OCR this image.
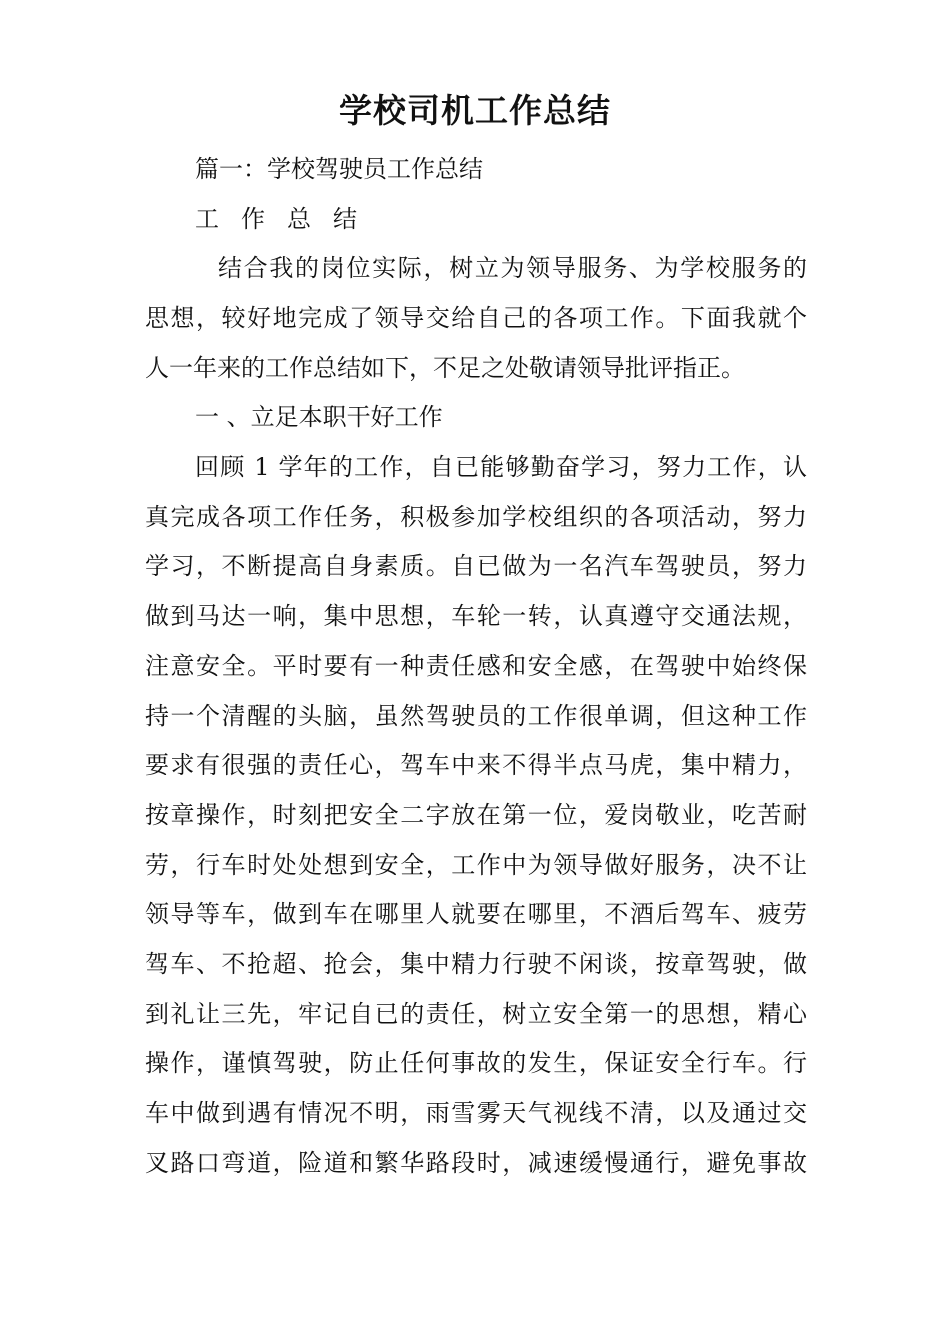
学校司机工作总结

篇一：学校驾驶员工作总结

工作总结

结合我的岗位实际，树立为领导服务、为学校服务的

思想，较好地完成了领导交给自己的各项工作。下面我就个

人一年来的工作总结如下，不足之处敬请领导批评指正。

一 、立足本职干好工作

回顾 1 学年的工作，自已能够勤奋学习，努力工作，认

真完成各项工作任务，积极参加学校组织的各项活动，努力

学习，不断提高自身素质。自已做为一名汽车驾驶员，努力

做到马达一响，集中思想，车轮一转，认真遵守交通法规，

注意安全。平时要有一种责任感和安全感，在驾驶中始终保

持一个清醒的头脑，虽然驾驶员的工作很单调，但这种工作

要求有很强的责任心，驾车中来不得半点马虎，集中精力，

按章操作，时刻把安全二字放在第一位，爱岗敬业，吃苦耐

劳，行车时处处想到安全，工作中为领导做好服务，决不让

领导等车，做到车在哪里人就要在哪里，不酒后驾车、疲劳

驾车、不抢超、抢会，集中精力行驶不闲谈，按章驾驶，做

到礼让三先，牢记自已的责任，树立安全第一的思想，精心

操作，谨慎驾驶，防止任何事故的发生，保证安全行车。行

车中做到遇有情况不明，雨雪雾天气视线不清，以及通过交

叉路口弯道，险道和繁华路段时，减速缓慢通行，避免事故
